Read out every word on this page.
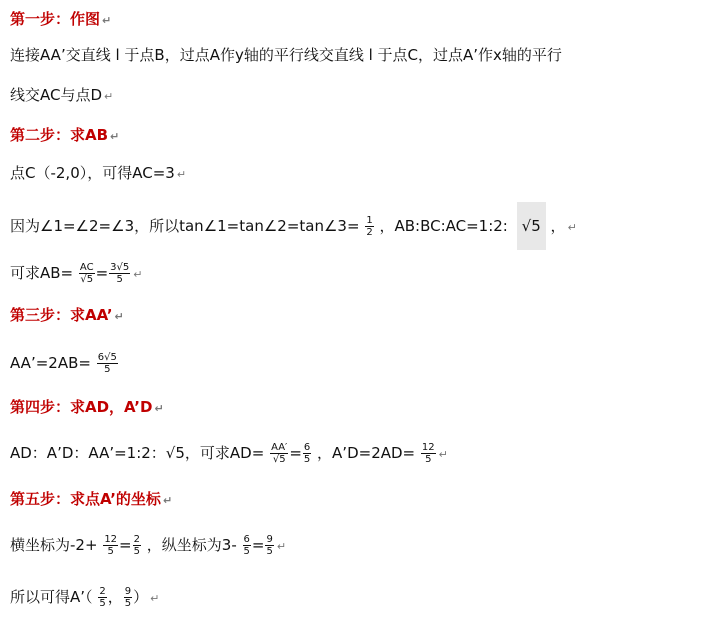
第一步：作图 ↵
连接AA’交直线 l 于点B，过点A作y轴的平行线交直线 l 于点C，过点A’作x轴的平行
线交AC与点D ↵
第二步：求AB ↵
点C（-2,0），可得AC=3 ↵
因为∠1=∠2=∠3，所以tan∠1=tan∠2=tan∠3= $\frac{1}{2}$ ，AB:BC:AC=1:2: √5 ， ↵
可求$AB= \frac{AC}{√5} = \frac{3√5}{5}$ ↵
第三步：求AA’ ↵
AA’=2AB= $\frac{6√5}{5}$
第四步：求AD，A’D ↵
AD：A’D：AA’=1:2：√5，可求$AD= \frac{AA'}{√5} = \frac{6}{5}$ ，A’D=2AD= $\frac{12}{5}$ ↵
第五步：求点A’的坐标 ↵
横坐标为$-2+ \frac{12}{5} = \frac{2}{5}$ ，纵坐标为$3- \frac{6}{5} = \frac{9}{5}$ ↵
所以可得A’（ $\frac{2}{5}$ ， $\frac{9}{5}$ ） ↵
